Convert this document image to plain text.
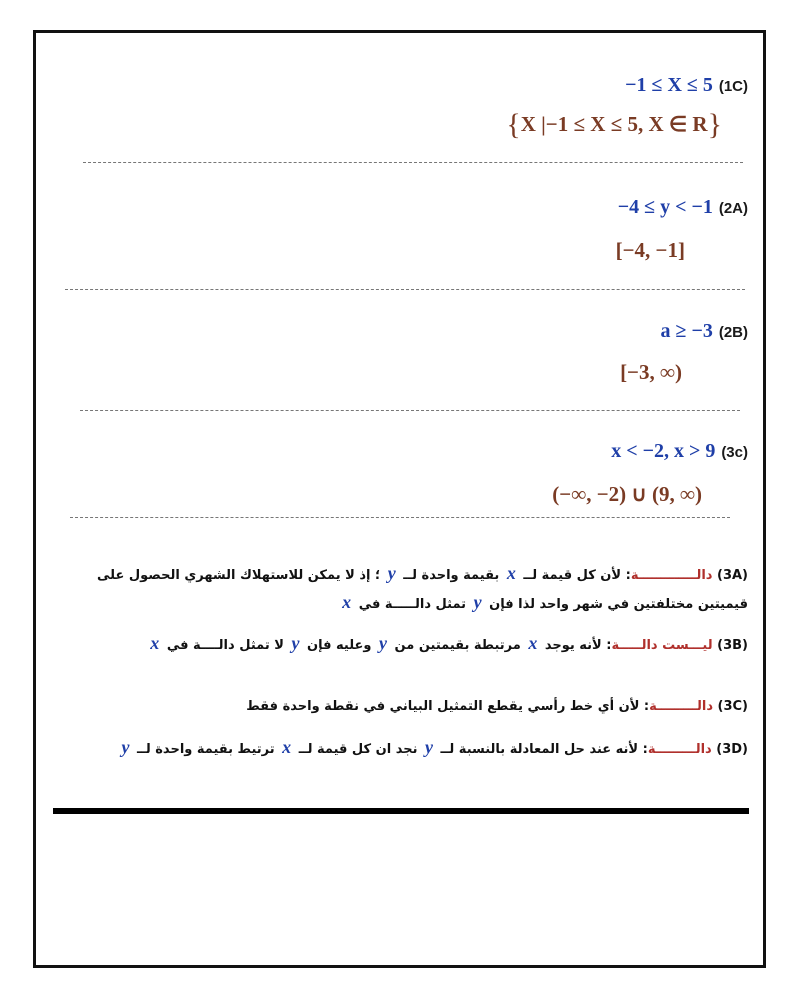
−1 ≤ X ≤ 5 (1C)
{X |−1 ≤ X ≤ 5, X ∈ R}
−4 ≤ y < −1 (2A)
[−4, −1]
a ≥ −3 (2B)
[−3, ∞)
x < −2, x > 9 (3c)
(−∞, −2) ∪ (9, ∞)
(3A) دالـــــــــــــة: لأن كل قيمة لــ x بقيمة واحدة لــ y ؛ إذ لا يمكن للاستهلاك الشهري الحصول على قيميتين مختلفتين في شهر واحد لذا فإن y تمثل دالـــــة في x
(3B) ليـــست دالـــــة: لأنه يوجد x مرتبطة بقيمتين من y وعليه فإن y لا تمثل دالــــة في x
(3C) دالـــــــــة: لأن أي خط رأسي يقطع التمثيل البياني في نقطة واحدة فقط
(3D) دالـــــــــة: لأنه عند حل المعادلة بالنسبة لــ y نجد ان كل قيمة لــ x ترتيط بقيمة واحدة لــ y
